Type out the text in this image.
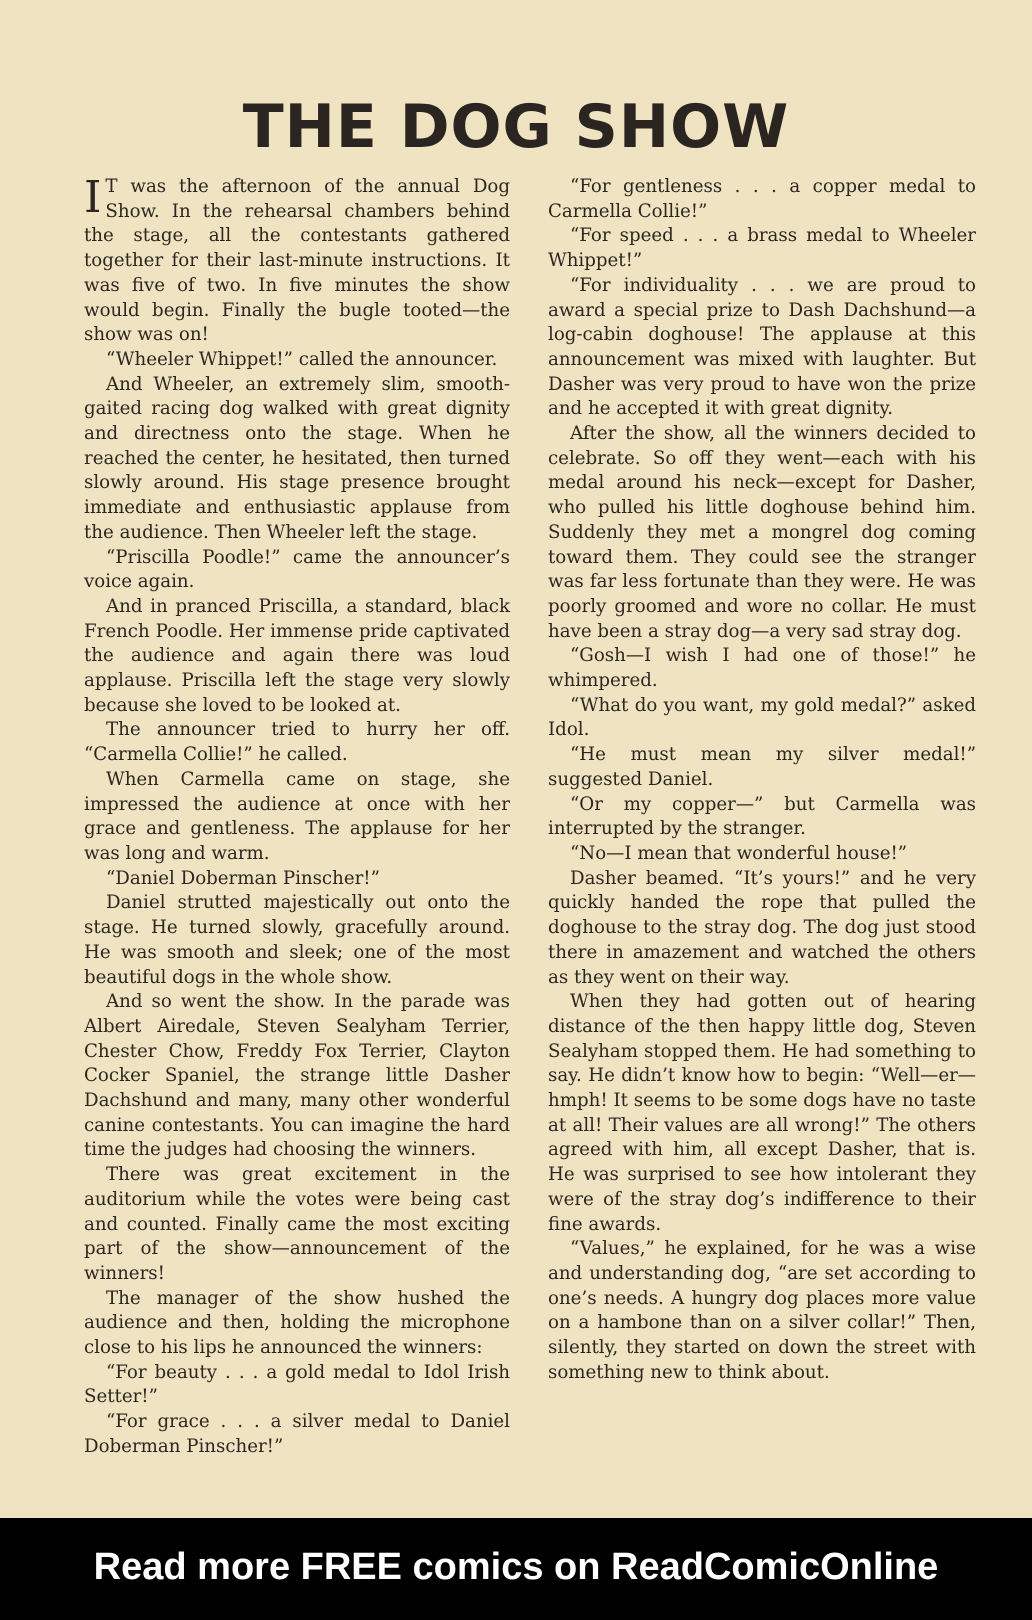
THE DOG SHOW

I T was the afternoon of the annual Dog Show. In the rehearsal chambers behind the stage, all the contestants gathered together for their last-minute instructions. It was five of two. In five minutes the show would begin. Finally the bugle tooted—the show was on!

“Wheeler Whippet!” called the announcer.

And Wheeler, an extremely slim, smooth-gaited racing dog walked with great dignity and directness onto the stage. When he reached the center, he hesitated, then turned slowly around. His stage presence brought immediate and enthusiastic applause from the audience. Then Wheeler left the stage.

“Priscilla Poodle!” came the announcer’s voice again.

And in pranced Priscilla, a standard, black French Poodle. Her immense pride captivated the audience and again there was loud applause. Priscilla left the stage very slowly because she loved to be looked at.

The announcer tried to hurry her off. “Carmella Collie!” he called.

When Carmella came on stage, she impressed the audience at once with her grace and gentleness. The applause for her was long and warm.

“Daniel Doberman Pinscher!”

Daniel strutted majestically out onto the stage. He turned slowly, gracefully around. He was smooth and sleek; one of the most beautiful dogs in the whole show.

And so went the show. In the parade was Albert Airedale, Steven Sealyham Terrier, Chester Chow, Freddy Fox Terrier, Clayton Cocker Spaniel, the strange little Dasher Dachshund and many, many other wonderful canine contestants. You can imagine the hard time the judges had choosing the winners.

There was great excitement in the auditorium while the votes were being cast and counted. Finally came the most exciting part of the show—announcement of the winners!

The manager of the show hushed the audience and then, holding the microphone close to his lips he announced the winners:

“For beauty . . . a gold medal to Idol Irish Setter!”

“For grace . . . a silver medal to Daniel Doberman Pinscher!”

“For gentleness . . . a copper medal to Carmella Collie!”

“For speed . . . a brass medal to Wheeler Whippet!”

“For individuality . . . we are proud to award a special prize to Dash Dachshund—a log-cabin doghouse! The applause at this announcement was mixed with laughter. But Dasher was very proud to have won the prize and he accepted it with great dignity.

After the show, all the winners decided to celebrate. So off they went—each with his medal around his neck—except for Dasher, who pulled his little doghouse behind him. Suddenly they met a mongrel dog coming toward them. They could see the stranger was far less fortunate than they were. He was poorly groomed and wore no collar. He must have been a stray dog—a very sad stray dog.

“Gosh—I wish I had one of those!” he whimpered.

“What do you want, my gold medal?” asked Idol.

“He must mean my silver medal!” suggested Daniel.

“Or my copper—” but Carmella was interrupted by the stranger.

“No—I mean that wonderful house!”

Dasher beamed. “It’s yours!” and he very quickly handed the rope that pulled the doghouse to the stray dog. The dog just stood there in amazement and watched the others as they went on their way.

When they had gotten out of hearing distance of the then happy little dog, Steven Sealyham stopped them. He had something to say. He didn’t know how to begin: “Well—er—hmph! It seems to be some dogs have no taste at all! Their values are all wrong!” The others agreed with him, all except Dasher, that is. He was surprised to see how intolerant they were of the stray dog’s indifference to their fine awards.

“Values,” he explained, for he was a wise and understanding dog, “are set according to one’s needs. A hungry dog places more value on a hambone than on a silver collar!” Then, silently, they started on down the street with something new to think about.

Read more FREE comics on ReadComicOnline
